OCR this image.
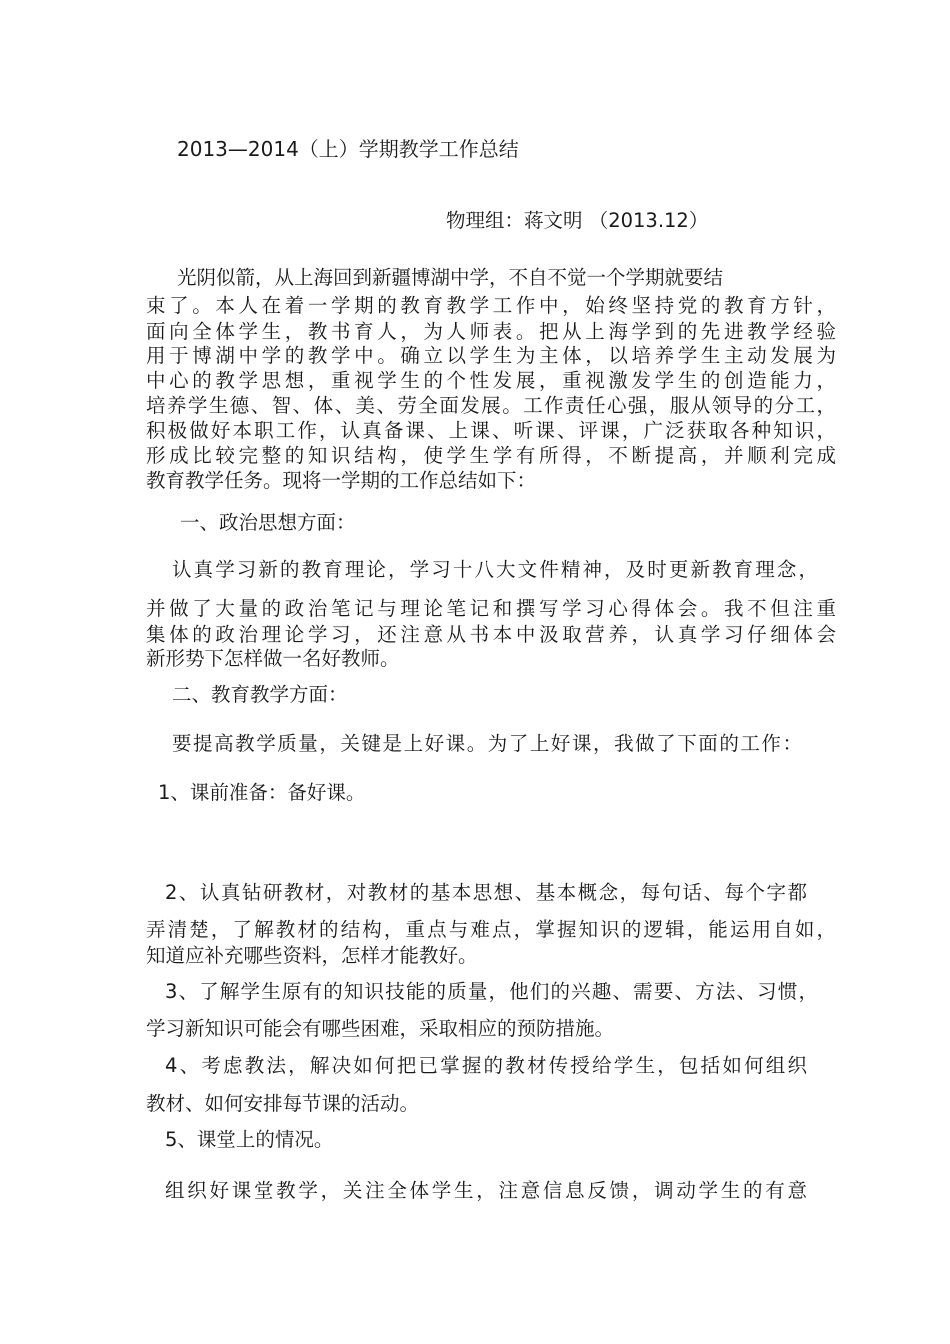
2013—2014（上）学期教学工作总结
物理组：蒋文明 （2013.12）
光阴似箭，从上海回到新疆博湖中学，不自不觉一个学期就要结
束了。本人在着一学期的教育教学工作中，始终坚持党的教育方针，
面向全体学生，教书育人，为人师表。把从上海学到的先进教学经验
用于博湖中学的教学中。确立以学生为主体，以培养学生主动发展为
中心的教学思想，重视学生的个性发展，重视激发学生的创造能力，
培养学生德、智、体、美、劳全面发展。工作责任心强，服从领导的分工，
积极做好本职工作，认真备课、上课、听课、评课，广泛获取各种知识，
形成比较完整的知识结构，使学生学有所得，不断提高，并顺利完成
教育教学任务。现将一学期的工作总结如下：
一、政治思想方面：
认真学习新的教育理论，学习十八大文件精神，及时更新教育理念，
并做了大量的政治笔记与理论笔记和撰写学习心得体会。我不但注重
集体的政治理论学习，还注意从书本中汲取营养，认真学习仔细体会
新形势下怎样做一名好教师。
二、教育教学方面：
要提高教学质量，关键是上好课。为了上好课，我做了下面的工作：
1、课前准备：备好课。
2、认真钻研教材，对教材的基本思想、基本概念，每句话、每个字都
弄清楚，了解教材的结构，重点与难点，掌握知识的逻辑，能运用自如，
知道应补充哪些资料，怎样才能教好。
3、了解学生原有的知识技能的质量，他们的兴趣、需要、方法、习惯，
学习新知识可能会有哪些困难，采取相应的预防措施。
4、考虑教法，解决如何把已掌握的教材传授给学生，包括如何组织
教材、如何安排每节课的活动。
5、课堂上的情况。
组织好课堂教学，关注全体学生，注意信息反馈，调动学生的有意
